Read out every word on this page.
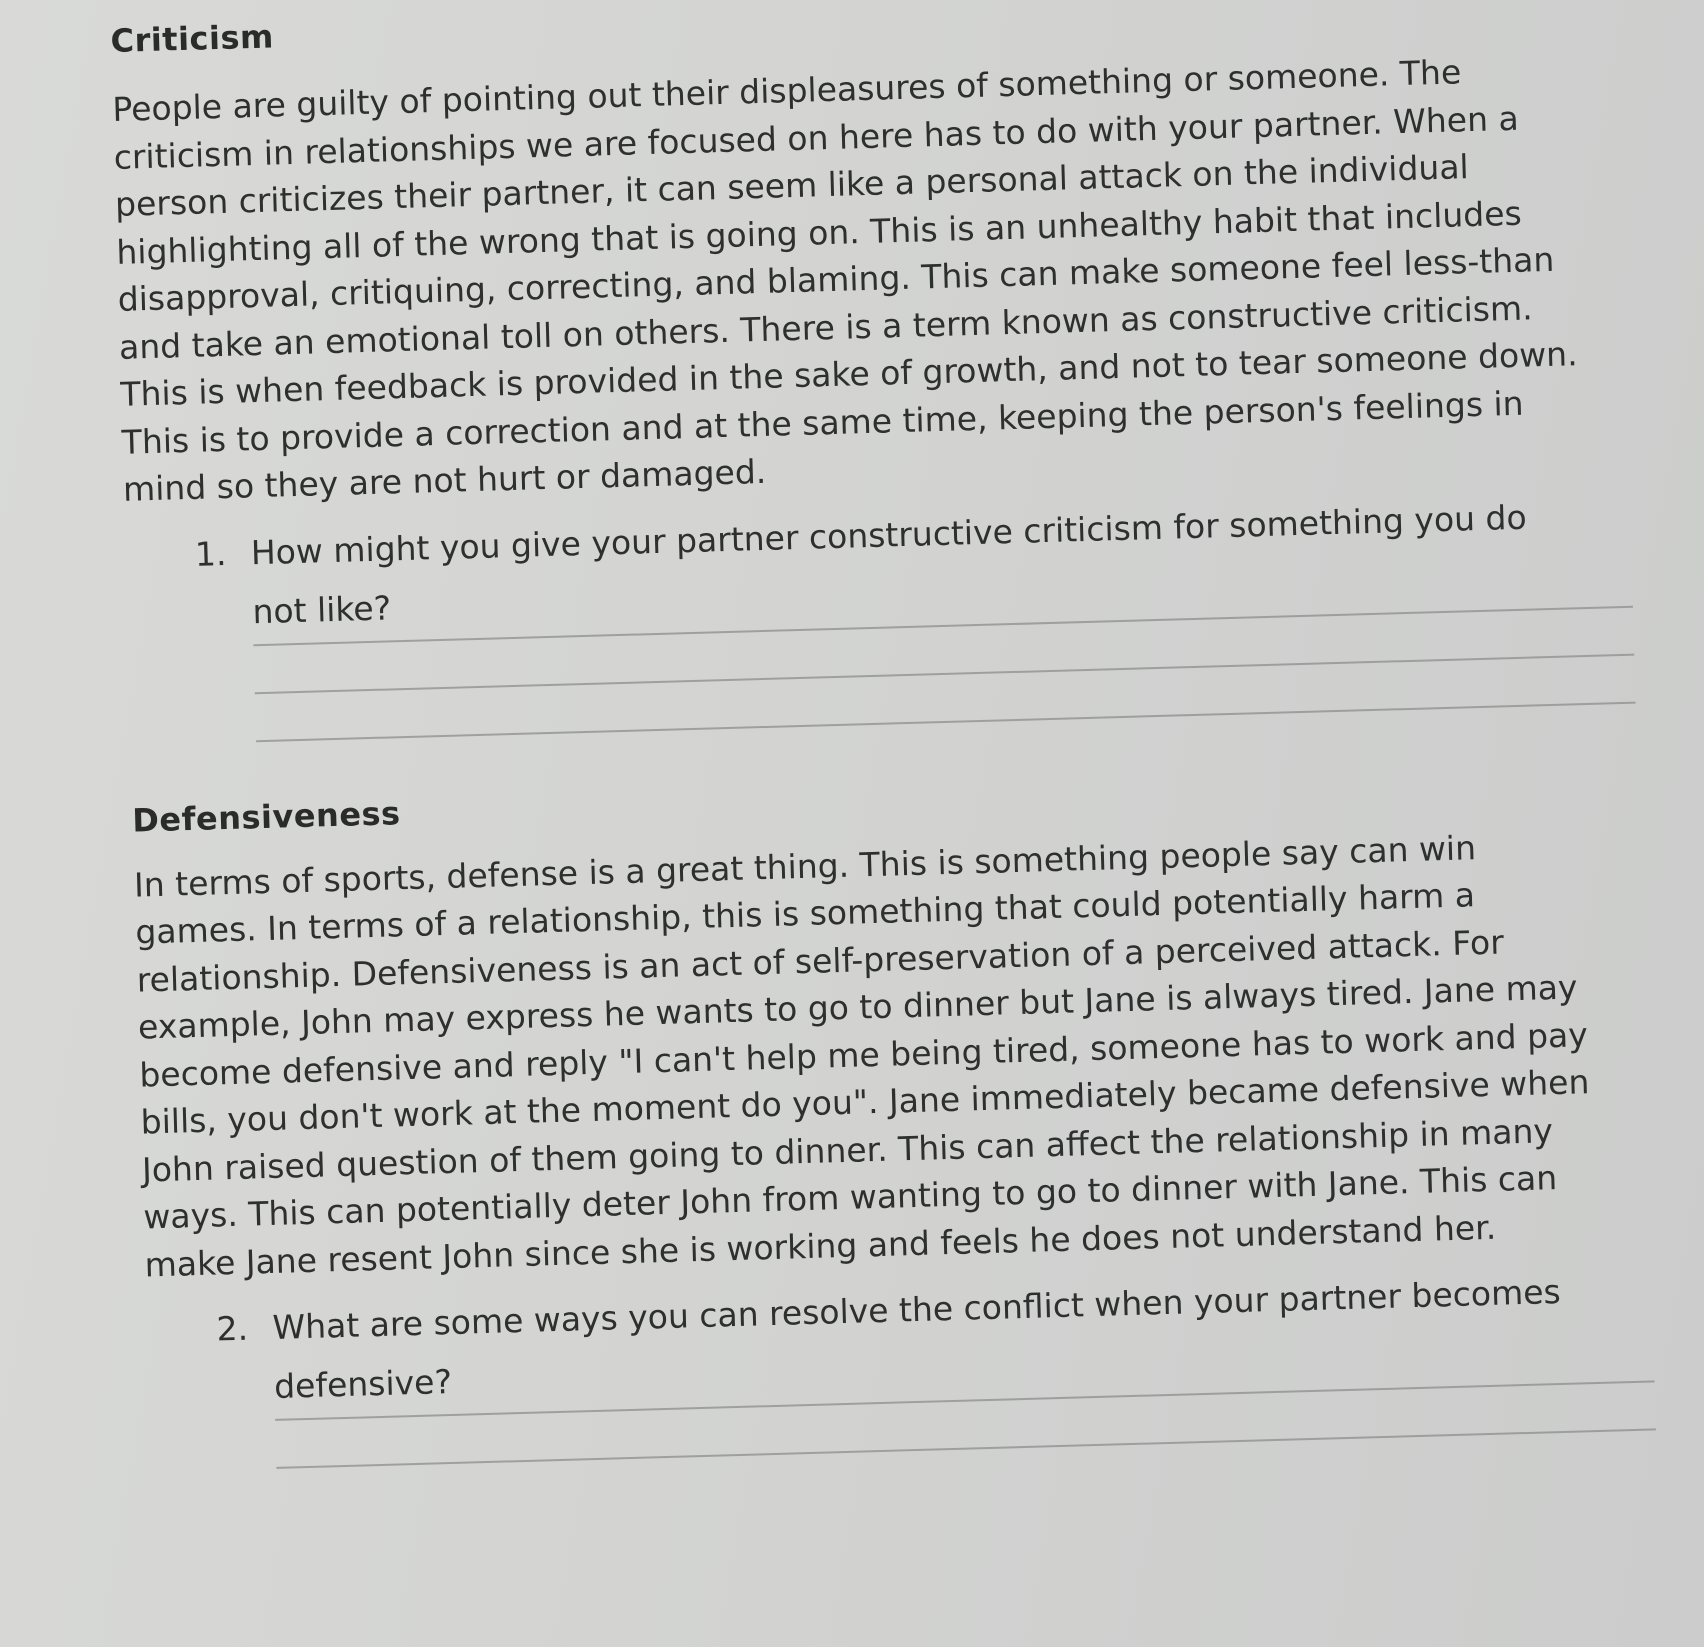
Criticism

People are guilty of pointing out their displeasures of something or someone. The criticism in relationships we are focused on here has to do with your partner. When a person criticizes their partner, it can seem like a personal attack on the individual highlighting all of the wrong that is going on. This is an unhealthy habit that includes disapproval, critiquing, correcting, and blaming. This can make someone feel less-than and take an emotional toll on others. There is a term known as constructive criticism. This is when feedback is provided in the sake of growth, and not to tear someone down. This is to provide a correction and at the same time, keeping the person's feelings in mind so they are not hurt or damaged.

1. How might you give your partner constructive criticism for something you do
not like?
Defensiveness

In terms of sports, defense is a great thing. This is something people say can win games. In terms of a relationship, this is something that could potentially harm a relationship. Defensiveness is an act of self-preservation of a perceived attack. For example, John may express he wants to go to dinner but Jane is always tired. Jane may become defensive and reply "I can't help me being tired, someone has to work and pay bills, you don't work at the moment do you". Jane immediately became defensive when John raised question of them going to dinner. This can affect the relationship in many ways. This can potentially deter John from wanting to go to dinner with Jane. This can make Jane resent John since she is working and feels he does not understand her.

2. What are some ways you can resolve the conflict when your partner becomes
defensive?
